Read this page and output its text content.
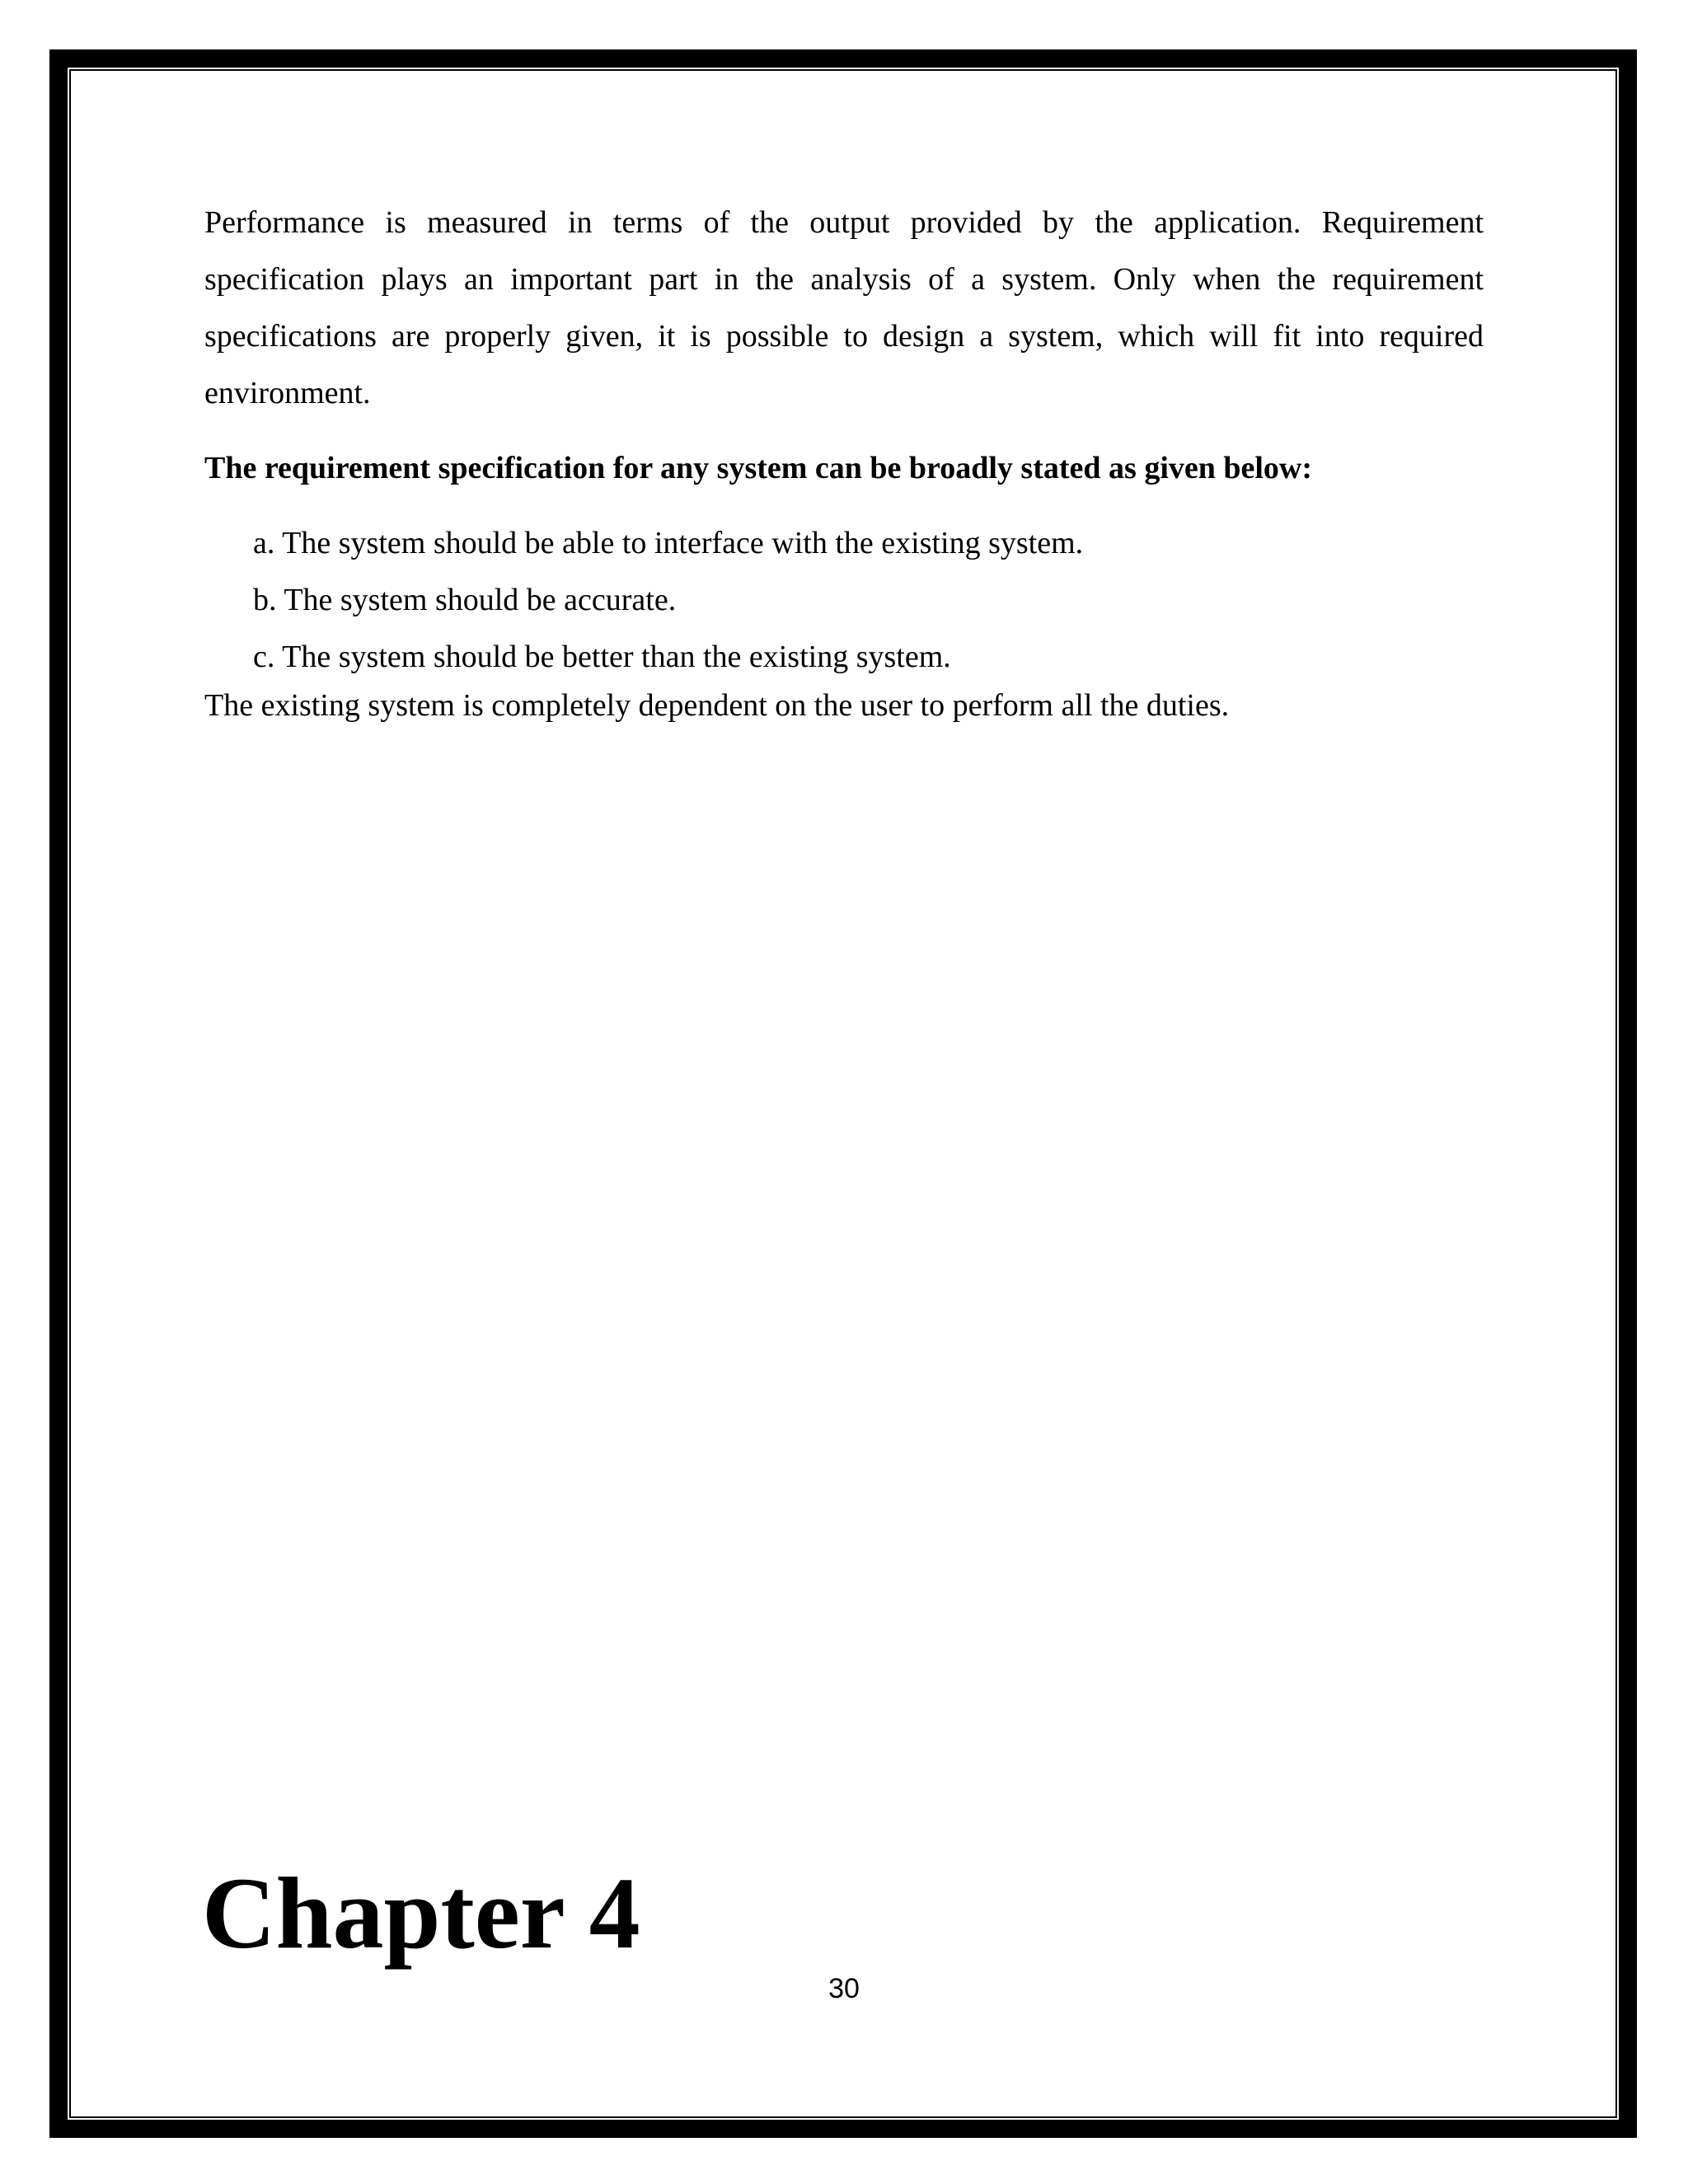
Performance is measured in terms of the output provided by the application. Requirement specification plays an important part in the analysis of a system. Only when the requirement specifications are properly given, it is possible to design a system, which will fit into required environment.

The requirement specification for any system can be broadly stated as given below:

a. The system should be able to interface with the existing system.
b. The system should be accurate.
c. The system should be better than the existing system.

The existing system is completely dependent on the user to perform all the duties.

Chapter 4
30
